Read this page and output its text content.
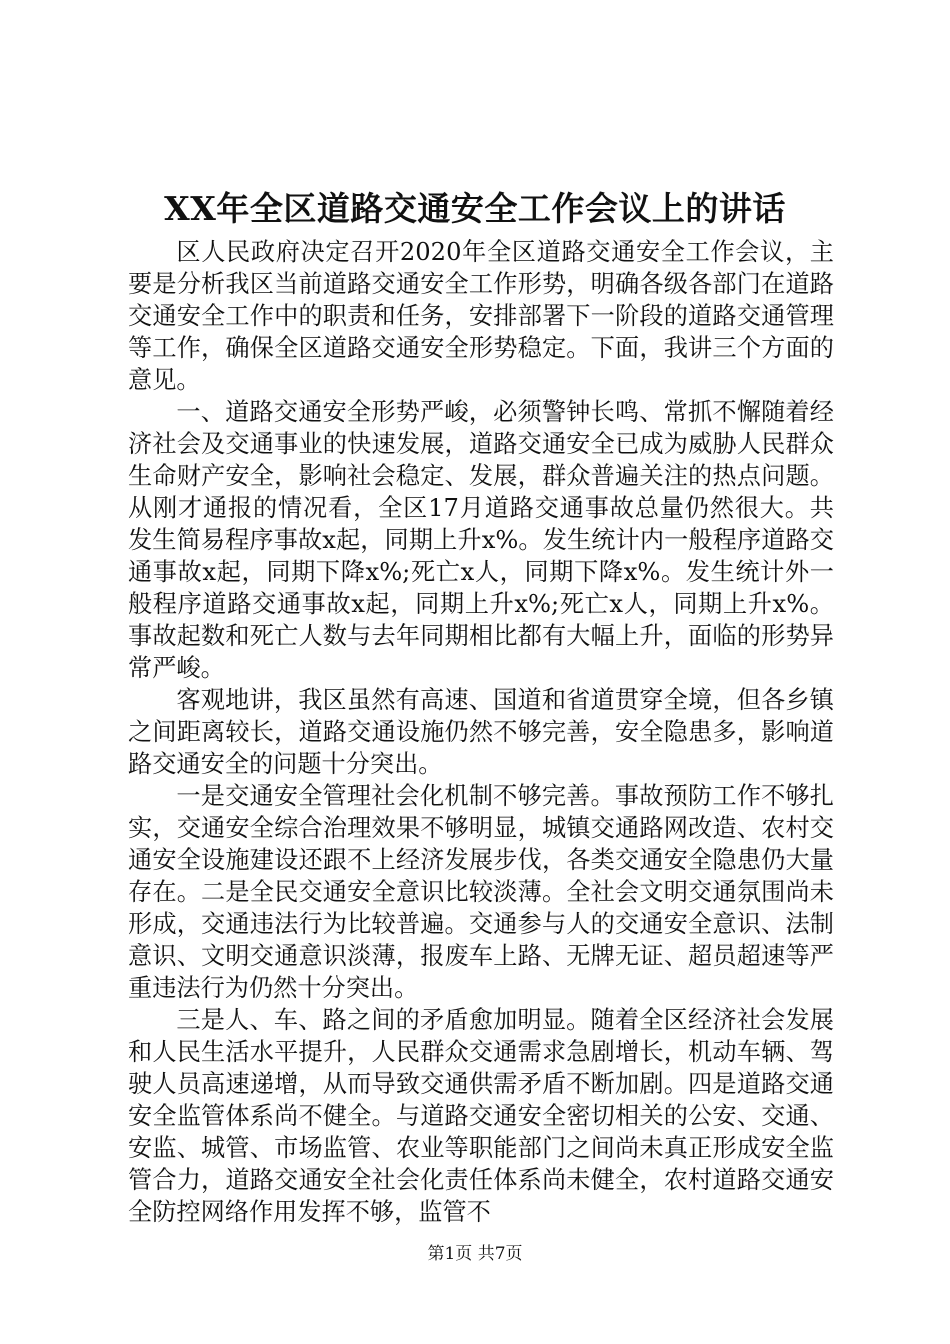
XX年全区道路交通安全工作会议上的讲话

区人民政府决定召开2020年全区道路交通安全工作会议，主要是分析我区当前道路交通安全工作形势，明确各级各部门在道路交通安全工作中的职责和任务，安排部署下一阶段的道路交通管理等工作，确保全区道路交通安全形势稳定。下面，我讲三个方面的意见。

一、道路交通安全形势严峻，必须警钟长鸣、常抓不懈随着经济社会及交通事业的快速发展，道路交通安全已成为威胁人民群众生命财产安全，影响社会稳定、发展，群众普遍关注的热点问题。从刚才通报的情况看，全区17月道路交通事故总量仍然很大。共发生简易程序事故x起，同期上升x%。发生统计内一般程序道路交通事故x起，同期下降x%;死亡x人，同期下降x%。发生统计外一般程序道路交通事故x起，同期上升x%;死亡x人，同期上升x%。事故起数和死亡人数与去年同期相比都有大幅上升，面临的形势异常严峻。

客观地讲，我区虽然有高速、国道和省道贯穿全境，但各乡镇之间距离较长，道路交通设施仍然不够完善，安全隐患多，影响道路交通安全的问题十分突出。

一是交通安全管理社会化机制不够完善。事故预防工作不够扎实，交通安全综合治理效果不够明显，城镇交通路网改造、农村交通安全设施建设还跟不上经济发展步伐，各类交通安全隐患仍大量存在。二是全民交通安全意识比较淡薄。全社会文明交通氛围尚未形成，交通违法行为比较普遍。交通参与人的交通安全意识、法制意识、文明交通意识淡薄，报废车上路、无牌无证、超员超速等严重违法行为仍然十分突出。

三是人、车、路之间的矛盾愈加明显。随着全区经济社会发展和人民生活水平提升，人民群众交通需求急剧增长，机动车辆、驾驶人员高速递增，从而导致交通供需矛盾不断加剧。四是道路交通安全监管体系尚不健全。与道路交通安全密切相关的公安、交通、安监、城管、市场监管、农业等职能部门之间尚未真正形成安全监管合力，道路交通安全社会化责任体系尚未健全，农村道路交通安全防控网络作用发挥不够，监管不

第1页 共7页
